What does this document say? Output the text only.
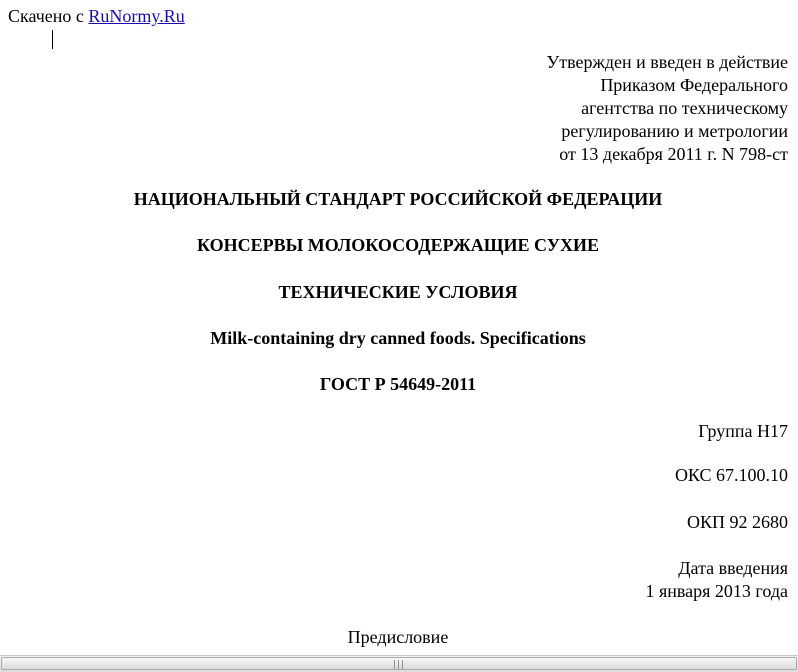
Скачено с RuNormy.Ru
Утвержден и введен в действие
Приказом Федерального
агентства по техническому
регулированию и метрологии
от 13 декабря 2011 г. N 798-ст
НАЦИОНАЛЬНЫЙ СТАНДАРТ РОССИЙСКОЙ ФЕДЕРАЦИИ
КОНСЕРВЫ МОЛОКОСОДЕРЖАЩИЕ СУХИЕ
ТЕХНИЧЕСКИЕ УСЛОВИЯ
Milk-containing dry canned foods. Specifications
ГОСТ Р 54649-2011
Группа Н17
ОКС 67.100.10
ОКП 92 2680
Дата введения
1 января 2013 года
Предисловие
|||
